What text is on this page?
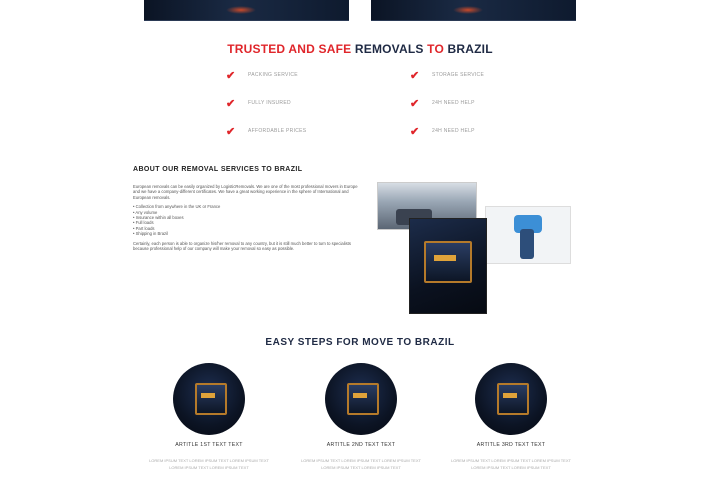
TRUSTED AND SAFE REMOVALS TO BRAZIL
✔	PACKING SERVICE
✔	FULLY INSURED
✔	AFFORDABLE PRICES
✔	STORAGE SERVICE
✔	24H NEED HELP
✔	24H NEED HELP
ABOUT OUR REMOVAL SERVICES TO BRAZIL

European removals can be easily organized by LogisticRemovals. We are one of the most professional movers in Europe and we have a company-different certificates. We have a great working experience in the sphere of International and European removals.

• Collection from anywhere in the UK or France
• Any volume
• Insurance within all boxes
• Full loads
• Part loads
• Shipping in Brazil

Certainly, each person is able to organize his/her removal to any country, but it is still much better to turn to specialists because professional help of our company will make your removal so easy as possible.

EASY STEPS FOR MOVE TO BRAZIL
ARTITLE 1ST TEXT TEXT
LOREM IPSUM TEXT LOREM IPSUM TEXT LOREM IPSUM TEXT LOREM IPSUM TEXT LOREM IPSUM TEXT
ARTITLE 2ND TEXT TEXT
LOREM IPSUM TEXT LOREM IPSUM TEXT LOREM IPSUM TEXT LOREM IPSUM TEXT LOREM IPSUM TEXT
ARTITLE 3RD TEXT TEXT
LOREM IPSUM TEXT LOREM IPSUM TEXT LOREM IPSUM TEXT LOREM IPSUM TEXT LOREM IPSUM TEXT
